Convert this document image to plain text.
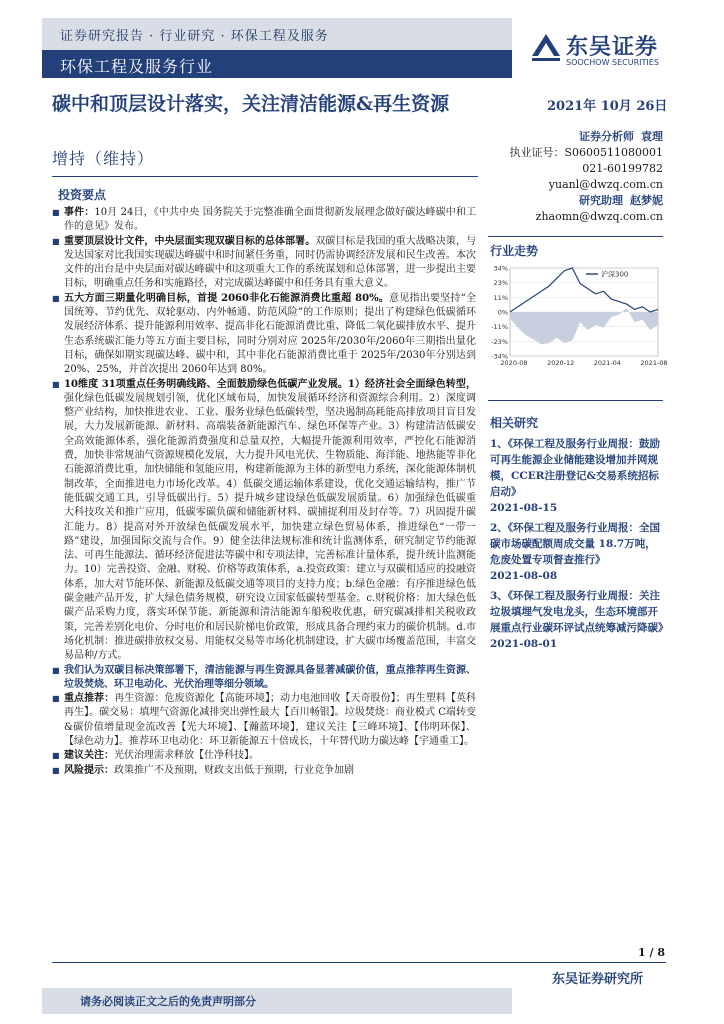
证券研究报告 · 行业研究 · 环保工程及服务
环保工程及服务行业
东吴证券
SOOCHOW SECURITIES
碳中和顶层设计落实，关注清洁能源&再生资源
增持（维持）
2021年 10月 26日
证券分析师 袁理
执业证号：S0600511080001
021-60199782
yuanl@dwzq.com.cn
研究助理 赵梦妮
zhaomn@dwzq.com.cn
投资要点
行业走势
相关研究

■ 事件：10月 24日，《中共中央 国务院关于完整准确全面贯彻新发展理念做好碳达峰碳中和工作的意见》发布。

■ 重要顶层设计文件，中央层面实现双碳目标的总体部署。双碳目标是我国的重大战略决策，与发达国家对比我国实现碳达峰碳中和时间紧任务重，同时仍需协调经济发展和民生改善。本次文件的出台是中央层面对碳达峰碳中和这项重大工作的系统谋划和总体部署，进一步提出主要目标，明确重点任务和实施路径，对完成碳达峰碳中和任务具有重大意义。

■ 五大方面三期量化明确目标，首提 2060非化石能源消费比重超 80%。意见指出要坚持“全国统筹、节约优先、双轮驱动、内外畅通、防范风险”的工作原则；提出了构建绿色低碳循环发展经济体系、提升能源利用效率、提高非化石能源消费比重、降低二氧化碳排放水平、提升生态系统碳汇能力等五方面主要目标，同时分别对应 2025年/2030年/2060年三期指出量化目标，确保如期实现碳达峰、碳中和，其中非化石能源消费比重于 2025年/2030年分别达到 20%、25%，并首次提出 2060年达到 80%。

■ 10维度 31项重点任务明确线路、全面鼓励绿色低碳产业发展。1）经济社会全面绿色转型，强化绿色低碳发展规划引领，优化区域布局，加快发展循环经济和资源综合利用。2）深度调整产业结构，加快推进农业、工业、服务业绿色低碳转型，坚决遏制高耗能高排放项目盲目发展，大力发展新能源、新材料、高端装备新能源汽车、绿色环保等产业。3）构建清洁低碳安全高效能源体系，强化能源消费强度和总量双控，大幅提升能源利用效率，严控化石能源消费，加快非常规油气资源规模化发展，大力提升风电光伏、生物质能、海洋能、地热能等非化石能源消费比重，加快储能和氢能应用，构建新能源为主体的新型电力系统，深化能源体制机制改革，全面推进电力市场化改革。4）低碳交通运输体系建设，优化交通运输结构，推广节能低碳交通工具，引导低碳出行。5）提升城乡建设绿色低碳发展质量。6）加强绿色低碳重大科技攻关和推广应用，低碳零碳负碳和储能新材料、碳捕捉利用及封存等。7）巩固提升碳汇能力。8）提高对外开放绿色低碳发展水平，加快建立绿色贸易体系，推进绿色“一带一路”建设，加强国际交流与合作。9）健全法律法规标准和统计监测体系，研究制定节约能源法、可再生能源法、循环经济促进法等碳中和专项法律，完善标准计量体系，提升统计监测能力。10）完善投资、金融、财税、价格等政策体系，a.投资政策：建立与双碳相适应的投融资体系，加大对节能环保、新能源及低碳交通等项目的支持力度；b.绿色金融：有序推进绿色低碳金融产品开发，扩大绿色债务规模，研究设立国家低碳转型基金。c.财税价格：加大绿色低碳产品采购力度，落实环保节能、新能源和清洁能源车船税收优惠，研究碳减排相关税收政策，完善差别化电价、分时电价和居民阶梯电价政策，形成具备合理约束力的碳价机制。d.市场化机制：推进碳排放权交易、用能权交易等市场化机制建设，扩大碳市场覆盖范围，丰富交易品种/方式。

■ 我们认为双碳目标决策部署下，清洁能源与再生资源具备显著减碳价值，重点推荐再生资源、垃圾焚烧、环卫电动化、光伏治理等细分领域。

■ 重点推荐：再生资源：危废资源化【高能环境】；动力电池回收【天奇股份】；再生塑料【英科再生】。碳交易：填埋气资源化减排突出弹性最大【百川畅银】。垃圾焚烧：商业模式 C端转变&碳价值增量现金流改善【光大环境】、【瀚蓝环境】，建议关注【三峰环境】、【伟明环保】、【绿色动力】。推荐环卫电动化：环卫新能源五十倍成长，十年替代助力碳达峰【宇通重工】。

■ 建议关注：光伏治理需求释放【仕净科技】。

■ 风险提示：政策推广不及预期，财政支出低于预期，行业竞争加剧

34%
23%
11%
0%
-11%
-23%
-34%
2020-08	2020-12	2021-04	2021-08
沪深300
1、《环保工程及服务行业周报：鼓励可再生能源企业储能建设增加并网规模，CCER注册登记&交易系统招标启动》
2021-08-15
2、《环保工程及服务行业周报：全国碳市场碳配额周成交量 18.7万吨，危废处置专项督查推行》
2021-08-08
3、《环保工程及服务行业周报：关注垃圾填埋气发电龙头，生态环境部开展重点行业碳环评试点统筹减污降碳》
2021-08-01
1 / 8
东吴证券研究所
请务必阅读正文之后的免责声明部分
